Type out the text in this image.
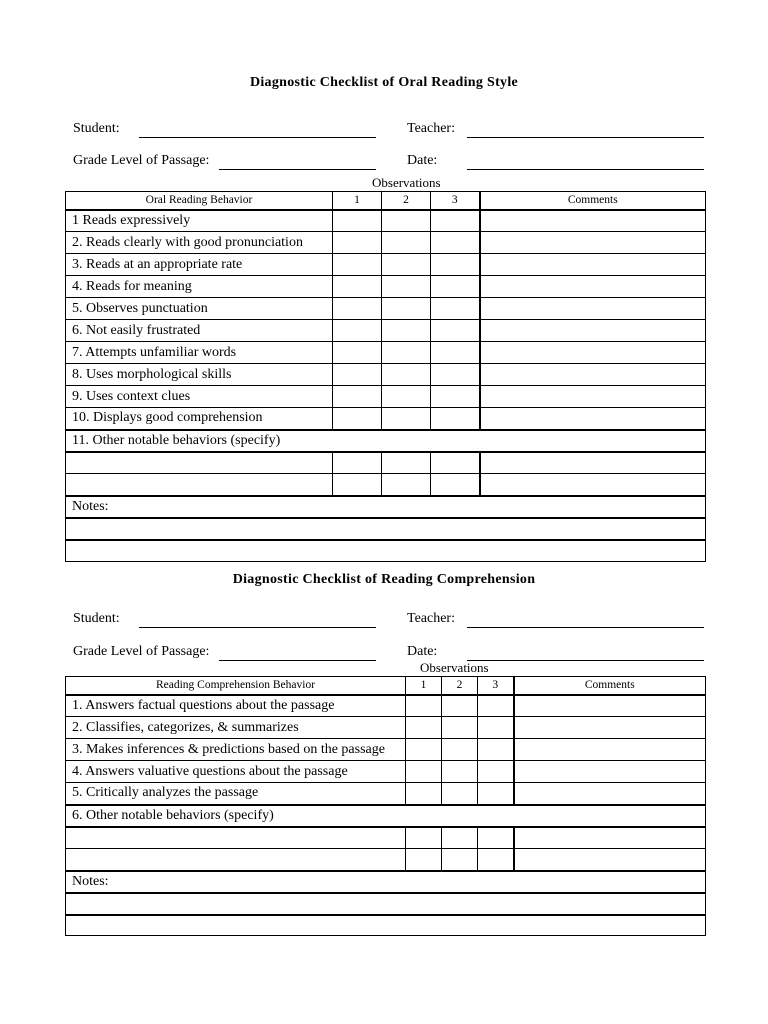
Diagnostic Checklist of Oral Reading Style
Student:	Teacher:
Grade Level of Passage:	Date:
Observations
Oral Reading Behavior	1	2	3	Comments
1 Reads expressively				
2. Reads clearly with good pronunciation				
3. Reads at an appropriate rate				
4. Reads for meaning				
5. Observes punctuation				
6. Not easily frustrated				
7. Attempts unfamiliar words				
8. Uses morphological skills				
9. Uses context clues				
10. Displays good comprehension				
11. Other notable behaviors (specify)				

Notes:				

Diagnostic Checklist of Reading Comprehension
Student:	Teacher:
Grade Level of Passage:	Date:
Observations
Reading Comprehension Behavior	1	2	3	Comments
1. Answers factual questions about the passage				
2. Classifies, categorizes, & summarizes				
3. Makes inferences & predictions based on the passage				
4. Answers valuative questions about the passage				
5. Critically analyzes the passage				
6. Other notable behaviors (specify)				

Notes:				
